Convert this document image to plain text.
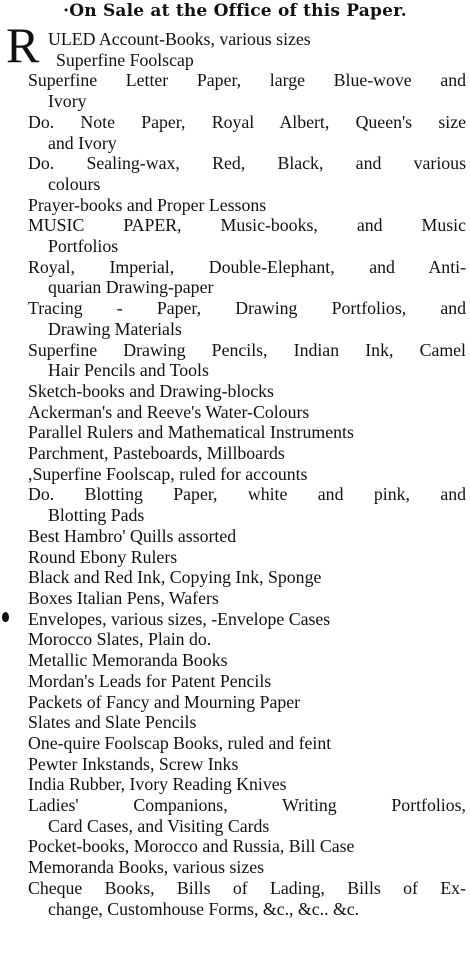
·On Sale at the Office of this Paper.
R ULED Account-Books, various sizes
Superfine Foolscap
Superfine Letter Paper, large Blue-wove and
Ivory
Do. Note Paper, Royal Albert, Queen's size
and Ivory
Do. Sealing-wax, Red, Black, and various
colours
Prayer-books and Proper Lessons
MUSIC PAPER, Music-books, and Music
Portfolios
Royal, Imperial, Double-Elephant, and Anti-
quarian Drawing-paper
Tracing - Paper, Drawing Portfolios, and
Drawing Materials
Superfine Drawing Pencils, Indian Ink, Camel
Hair Pencils and Tools
Sketch-books and Drawing-blocks
Ackerman's and Reeve's Water-Colours
Parallel Rulers and Mathematical Instruments
Parchment, Pasteboards, Millboards
,Superfine Foolscap, ruled for accounts
Do. Blotting Paper, white and pink, and
Blotting Pads
Best Hambro' Quills assorted
Round Ebony Rulers
Black and Red Ink, Copying Ink, Sponge
Boxes Italian Pens, Wafers
Envelopes, various sizes, -Envelope Cases
Morocco Slates, Plain do.
Metallic Memoranda Books
Mordan's Leads for Patent Pencils
Packets of Fancy and Mourning Paper
Slates and Slate Pencils
One-quire Foolscap Books, ruled and feint
Pewter Inkstands, Screw Inks
India Rubber, Ivory Reading Knives
Ladies' Companions, Writing Portfolios,
Card Cases, and Visiting Cards
Pocket-books, Morocco and Russia, Bill Case
Memoranda Books, various sizes
Cheque Books, Bills of Lading, Bills of Ex-
change, Customhouse Forms, &c., &c.. &c.
